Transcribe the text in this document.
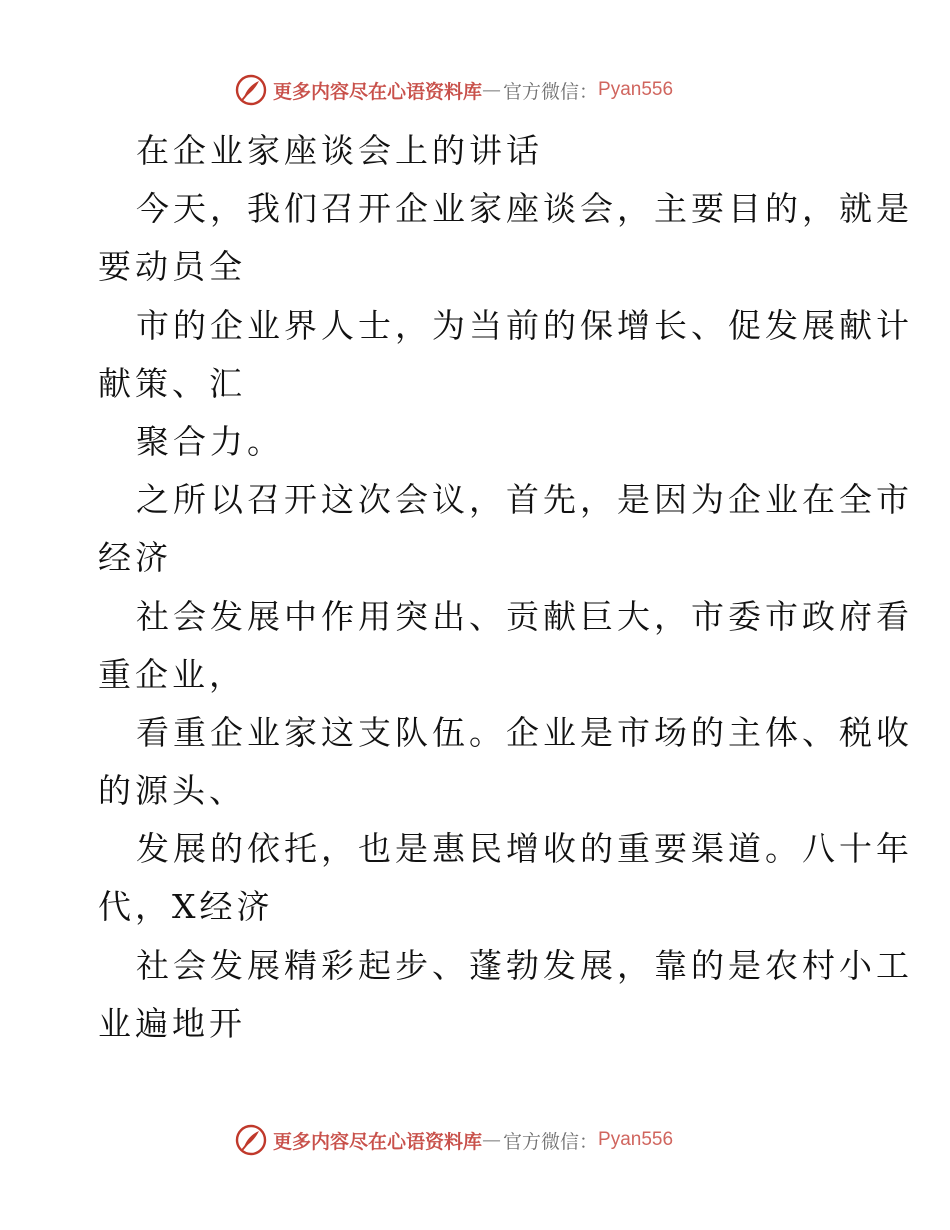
更多内容尽在心语资料库 — 官方微信： Pyan556
在企业家座谈会上的讲话
今天，我们召开企业家座谈会，主要目的，就是
要动员全
市的企业界人士，为当前的保增长、促发展献计
献策、汇
聚合力。
之所以召开这次会议，首先，是因为企业在全市
经济
社会发展中作用突出、贡献巨大，市委市政府看
重企业，
看重企业家这支队伍。企业是市场的主体、税收
的源头、
发展的依托，也是惠民增收的重要渠道。八十年
代，X经济
社会发展精彩起步、蓬勃发展，靠的是农村小工
业遍地开
更多内容尽在心语资料库 — 官方微信： Pyan556
